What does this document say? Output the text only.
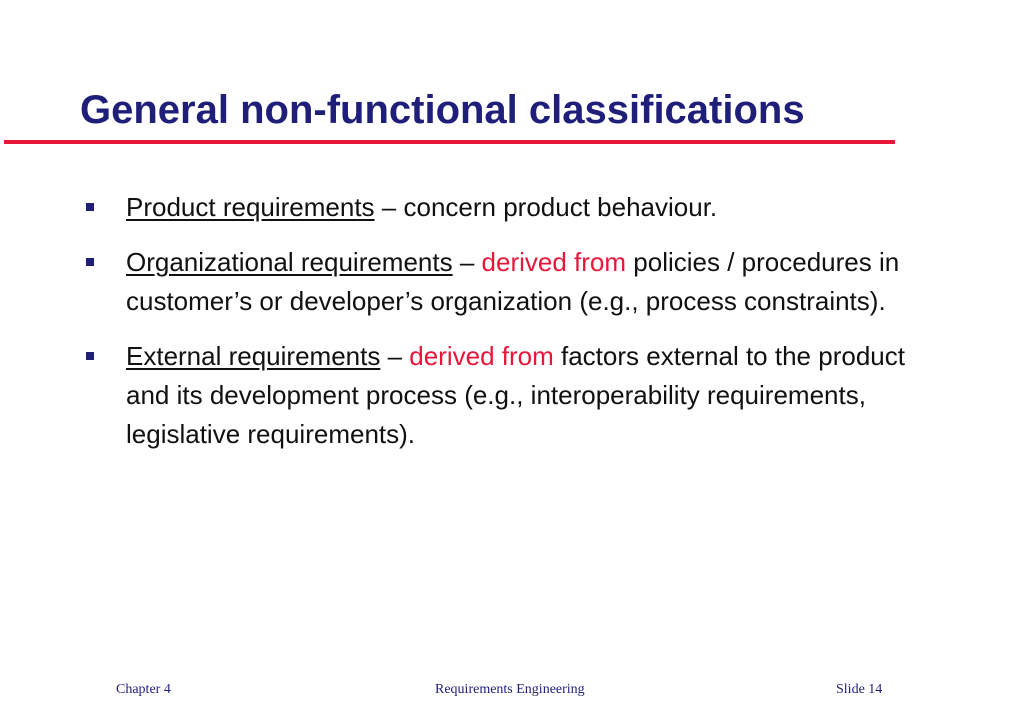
General non-functional classifications
Product requirements – concern product behaviour.
Organizational requirements – derived from policies / procedures in customer’s or developer’s organization (e.g., process constraints).
External requirements – derived from factors external to the product and its development process (e.g., interoperability requirements, legislative requirements).
Chapter 4	Requirements Engineering	Slide 14
